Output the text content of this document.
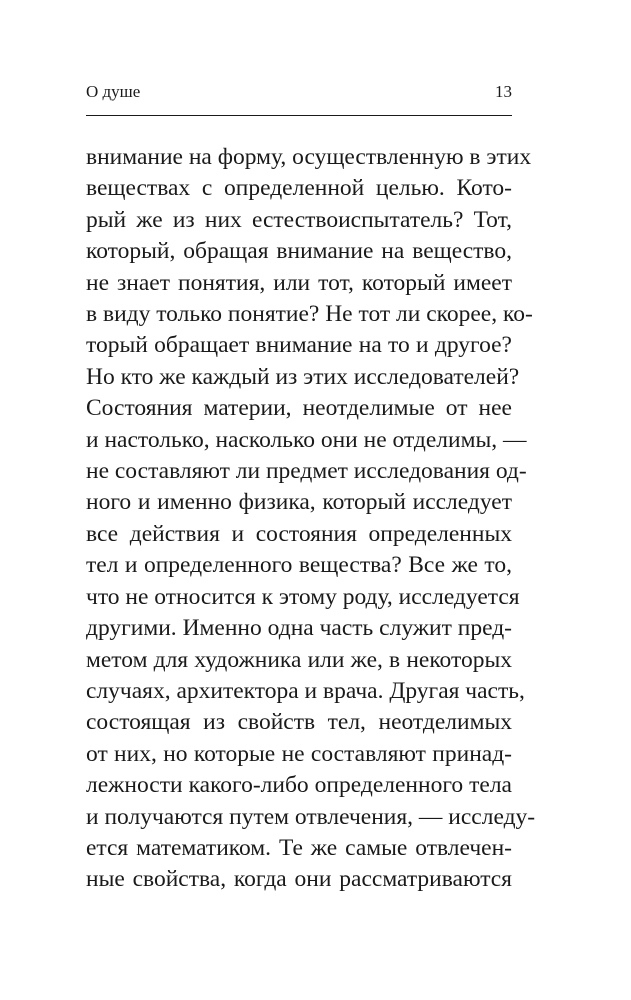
О душе	13
внимание на форму, осуществленную в этих
веществах с определенной целью. Кото-
рый же из них естествоиспытатель? Тот,
который, обращая внимание на вещество,
не знает понятия, или тот, который имеет
в виду только понятие? Не тот ли скорее, ко-
торый обращает внимание на то и другое?
Но кто же каждый из этих исследователей?
Состояния материи, неотделимые от нее
и настолько, насколько они не отделимы, —
не составляют ли предмет исследования од-
ного и именно физика, который исследует
все действия и состояния определенных
тел и определенного вещества? Все же то,
что не относится к этому роду, исследуется
другими. Именно одна часть служит пред-
метом для художника или же, в некоторых
случаях, архитектора и врача. Другая часть,
состоящая из свойств тел, неотделимых
от них, но которые не составляют принад-
лежности какого-либо определенного тела
и получаются путем отвлечения, — исследу-
ется математиком. Те же самые отвлечен-
ные свойства, когда они рассматриваются
